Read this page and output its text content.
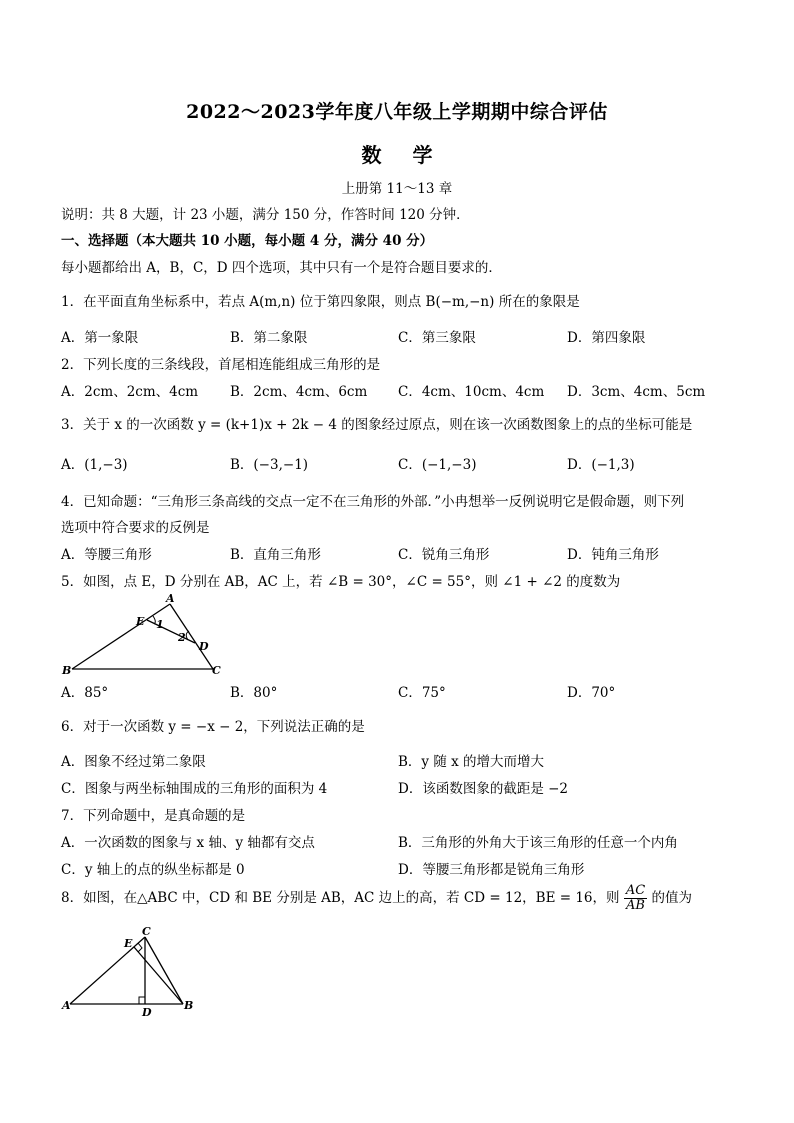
2022～2023学年度八年级上学期期中综合评估
数 学
上册第 11～13 章
说明：共 8 大题，计 23 小题，满分 150 分，作答时间 120 分钟．
一、选择题（本大题共 10 小题，每小题 4 分，满分 40 分）
每小题都给出 A，B，C，D 四个选项，其中只有一个是符合题目要求的．
1．在平面直角坐标系中，若点 A(m,n) 位于第四象限，则点 B(−m,−n) 所在的象限是
A．第一象限	B．第二象限	C．第三象限	D．第四象限
2．下列长度的三条线段，首尾相连能组成三角形的是
A．2cm、2cm、4cm B．2cm、4cm、6cm C．4cm、10cm、4cm D．3cm、4cm、5cm
3．关于 x 的一次函数 y = (k+1)x + 2k − 4 的图象经过原点，则在该一次函数图象上的点的坐标可能是
A．(1,−3)	B．(−3,−1)	C．(−1,−3)	D．(−1,3)
4．已知命题：“三角形三条高线的交点一定不在三角形的外部．”小冉想举一反例说明它是假命题，则下列
选项中符合要求的反例是
A．等腰三角形	B．直角三角形	C．锐角三角形	D．钝角三角形
5．如图，点 E，D 分别在 AB，AC 上，若 ∠B = 30°，∠C = 55°，则 ∠1 + ∠2 的度数为
A
B	C
D
E 1
2
A．85°	B．80°	C．75°	D．70°
6．对于一次函数 y = −x − 2，下列说法正确的是
A．图象不经过第二象限	B．y 随 x 的增大而增大
C．图象与两坐标轴围成的三角形的面积为 4	D．该函数图象的截距是 −2
7．下列命题中，是真命题的是
A．一次函数的图象与 x 轴、y 轴都有交点	B．三角形的外角大于该三角形的任意一个内角
C．y 轴上的点的纵坐标都是 0	D．等腰三角形都是锐角三角形
8．如图，在△ABC 中，CD 和 BE 分别是 AB，AC 边上的高，若 CD = 12，BE = 16，则 $\frac{AC}{AB}$ 的值为
A	B
C
D
E
